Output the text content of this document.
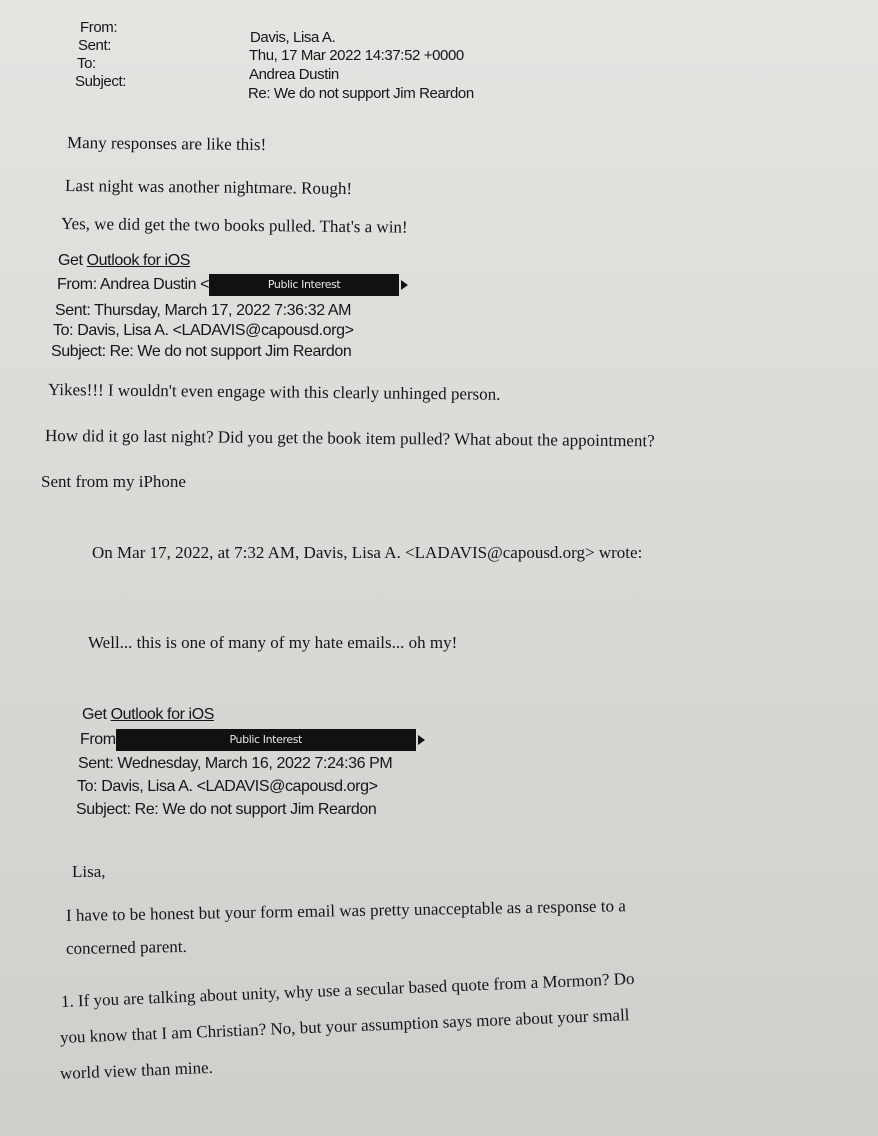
From:
Sent:
To:
Subject:
Davis, Lisa A.
Thu, 17 Mar 2022 14:37:52 +0000
Andrea Dustin
Re: We do not support Jim Reardon
Many responses are like this!
Last night was another nightmare. Rough!
Yes, we did get the two books pulled. That's a win!
Get Outlook for iOS
From: Andrea Dustin <	Public Interest
Sent: Thursday, March 17, 2022 7:36:32 AM
To: Davis, Lisa A. <LADAVIS@capousd.org>
Subject: Re: We do not support Jim Reardon
Yikes!!! I wouldn't even engage with this clearly unhinged person.
How did it go last night? Did you get the book item pulled? What about the appointment?
Sent from my iPhone
On Mar 17, 2022, at 7:32 AM, Davis, Lisa A. <LADAVIS@capousd.org> wrote:
Well... this is one of many of my hate emails... oh my!
Get Outlook for iOS
From	Public Interest
Sent: Wednesday, March 16, 2022 7:24:36 PM
To: Davis, Lisa A. <LADAVIS@capousd.org>
Subject: Re: We do not support Jim Reardon
Lisa,
I have to be honest but your form email was pretty unacceptable as a response to a
concerned parent.
1. If you are talking about unity, why use a secular based quote from a Mormon? Do
you know that I am Christian? No, but your assumption says more about your small
world view than mine.
